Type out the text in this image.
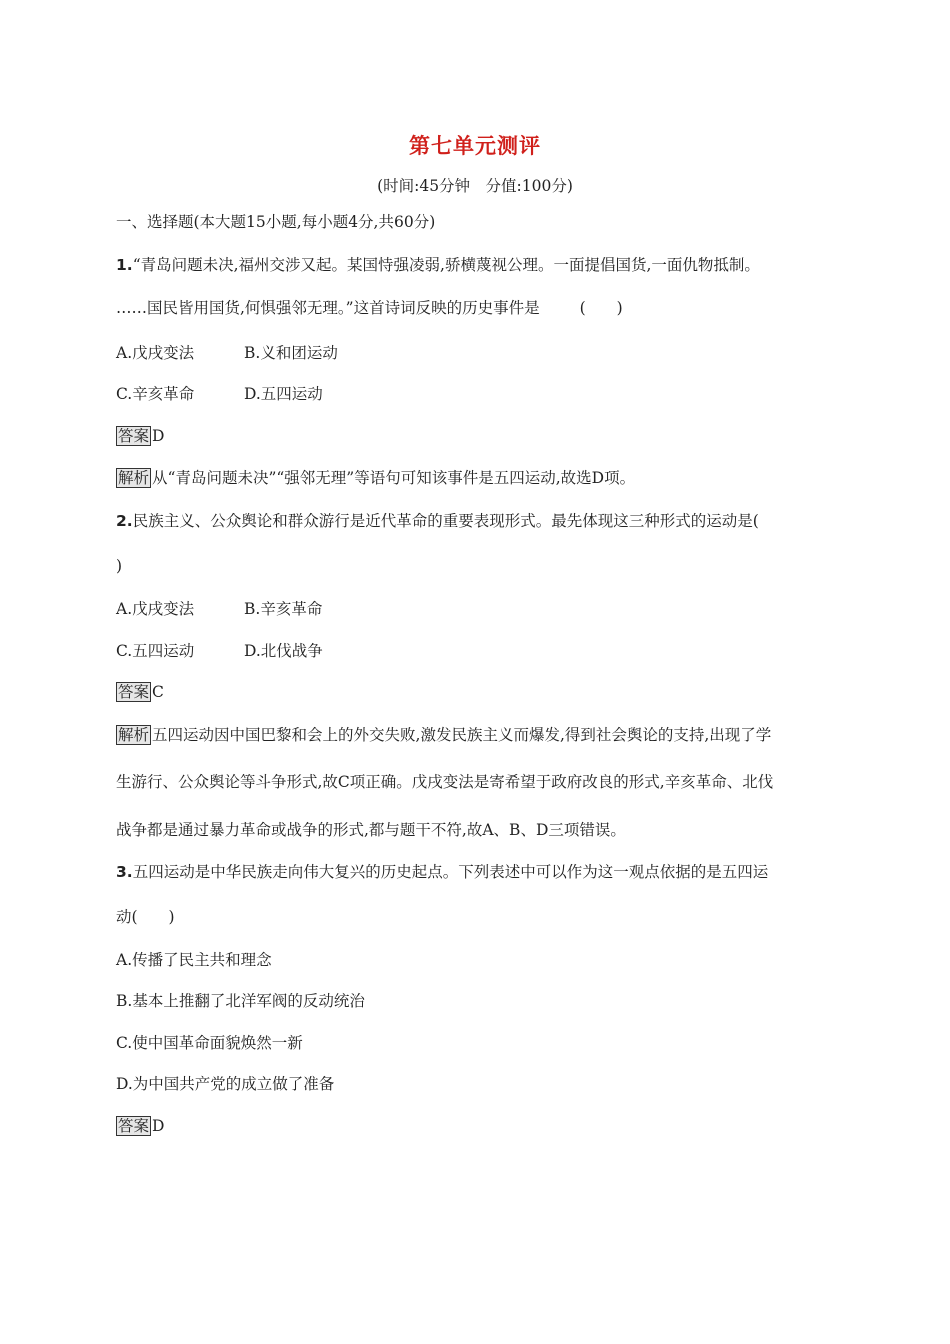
第七单元测评
(时间:45分钟　分值:100分)
一、选择题(本大题15小题,每小题4分,共60分)
1.“青岛问题未决,福州交涉又起。某国恃强凌弱,骄横蔑视公理。一面提倡国货,一面仇物抵制。
……国民皆用国货,何惧强邻无理。”这首诗词反映的历史事件是	(　　)
A.戊戌变法	B.义和团运动
C.辛亥革命	D.五四运动
答案 D
解析 从“青岛问题未决”“强邻无理”等语句可知该事件是五四运动,故选D项。
2.民族主义、公众舆论和群众游行是近代革命的重要表现形式。最先体现这三种形式的运动是(
)
A.戊戌变法	B.辛亥革命
C.五四运动	D.北伐战争
答案 C
解析 五四运动因中国巴黎和会上的外交失败,激发民族主义而爆发,得到社会舆论的支持,出现了学
生游行、公众舆论等斗争形式,故C项正确。戊戌变法是寄希望于政府改良的形式,辛亥革命、北伐
战争都是通过暴力革命或战争的形式,都与题干不符,故A、B、D三项错误。
3.五四运动是中华民族走向伟大复兴的历史起点。下列表述中可以作为这一观点依据的是五四运
动(　　)
A.传播了民主共和理念
B.基本上推翻了北洋军阀的反动统治
C.使中国革命面貌焕然一新
D.为中国共产党的成立做了准备
答案 D
